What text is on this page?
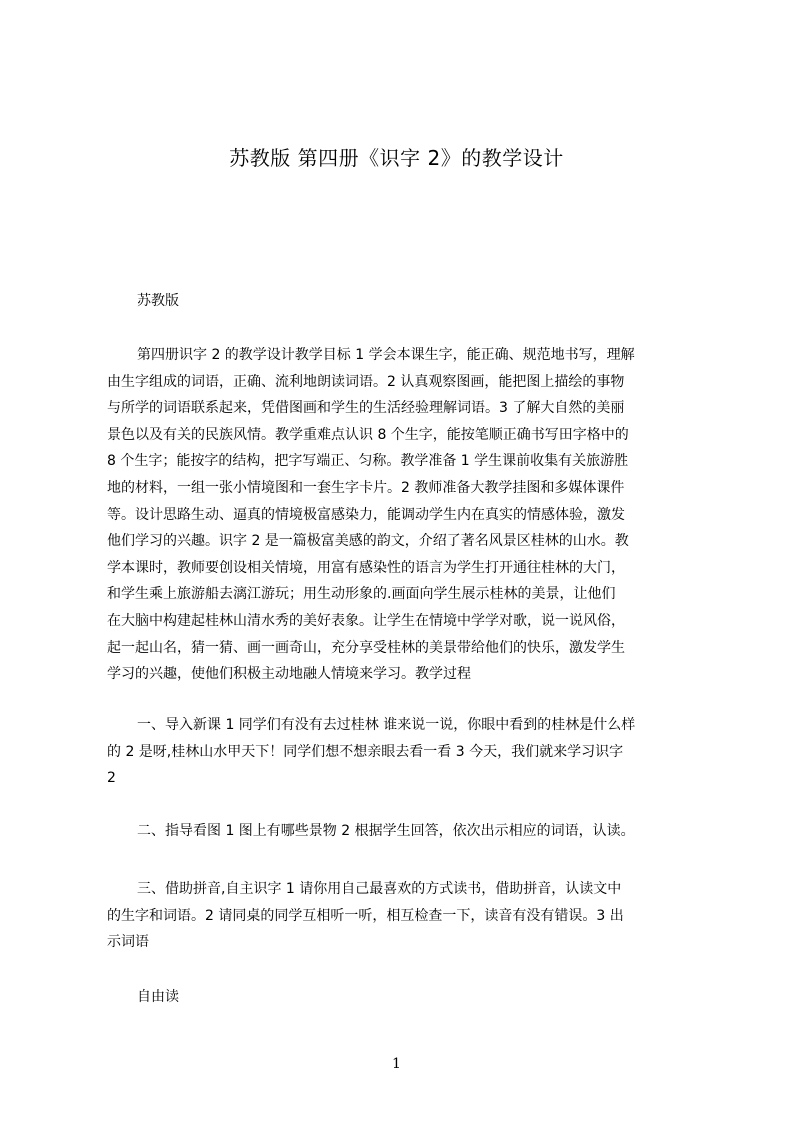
苏教版 第四册《识字 2》的教学设计
苏教版
第四册识字 2 的教学设计教学目标 1 学会本课生字，能正确、规范地书写，理解
由生字组成的词语，正确、流利地朗读词语。2 认真观察图画，能把图上描绘的事物
与所学的词语联系起来，凭借图画和学生的生活经验理解词语。3 了解大自然的美丽
景色以及有关的民族风情。教学重难点认识 8 个生字，能按笔顺正确书写田字格中的
8 个生字；能按字的结构，把字写端正、匀称。教学准备 1 学生课前收集有关旅游胜
地的材料，一组一张小情境图和一套生字卡片。2 教师准备大教学挂图和多媒体课件
等。设计思路生动、逼真的情境极富感染力，能调动学生内在真实的情感体验，激发
他们学习的兴趣。识字 2 是一篇极富美感的韵文，介绍了著名风景区桂林的山水。教
学本课时，教师要创设相关情境，用富有感染性的语言为学生打开通往桂林的大门，
和学生乘上旅游船去漓江游玩；用生动形象的.画面向学生展示桂林的美景，让他们
在大脑中构建起桂林山清水秀的美好表象。让学生在情境中学学对歌，说一说风俗，
起一起山名，猜一猜、画一画奇山，充分享受桂林的美景带给他们的快乐，激发学生
学习的兴趣，使他们积极主动地融人情境来学习。教学过程
一、导入新课 1 同学们有没有去过桂林 谁来说一说，你眼中看到的桂林是什么样
的 2 是呀,桂林山水甲天下！同学们想不想亲眼去看一看 3 今天，我们就来学习识字
2
二、指导看图 1 图上有哪些景物 2 根据学生回答，依次出示相应的词语，认读。
三、借助拼音,自主识字 1 请你用自己最喜欢的方式读书，借助拼音，认读文中
的生字和词语。2 请同桌的同学互相听一听，相互检查一下，读音有没有错误。3 出
示词语
自由读
1
